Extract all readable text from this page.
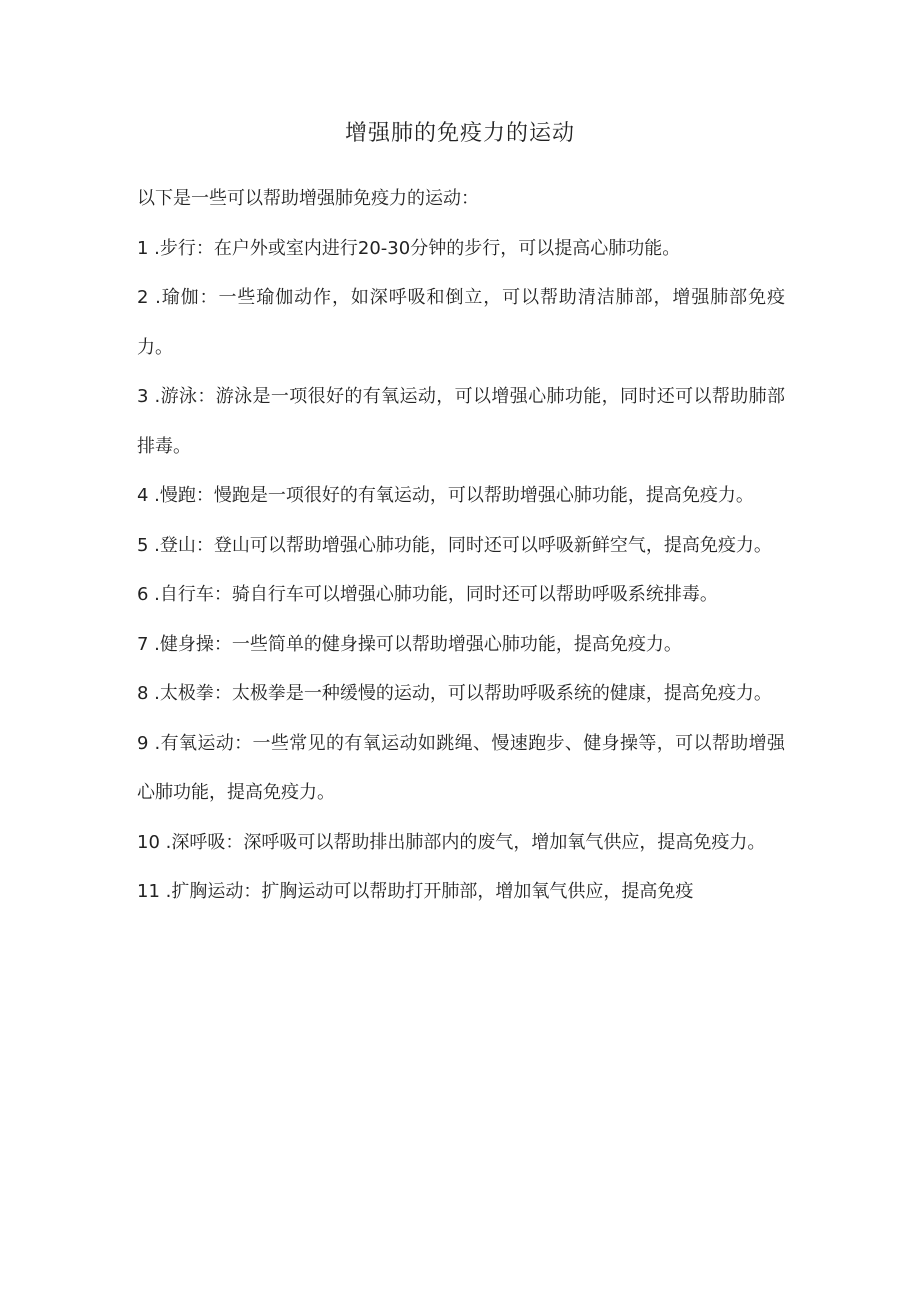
增强肺的免疫力的运动

以下是一些可以帮助增强肺免疫力的运动：

1 .步行：在户外或室内进行20-30分钟的步行，可以提高心肺功能。

2 .瑜伽：一些瑜伽动作，如深呼吸和倒立，可以帮助清洁肺部，增强肺部免疫力。

3 .游泳：游泳是一项很好的有氧运动，可以增强心肺功能，同时还可以帮助肺部排毒。

4 .慢跑：慢跑是一项很好的有氧运动，可以帮助增强心肺功能，提高免疫力。

5 .登山：登山可以帮助增强心肺功能，同时还可以呼吸新鲜空气，提高免疫力。

6 .自行车：骑自行车可以增强心肺功能，同时还可以帮助呼吸系统排毒。

7 .健身操：一些简单的健身操可以帮助增强心肺功能，提高免疫力。

8 .太极拳：太极拳是一种缓慢的运动，可以帮助呼吸系统的健康，提高免疫力。

9 .有氧运动：一些常见的有氧运动如跳绳、慢速跑步、健身操等，可以帮助增强心肺功能，提高免疫力。

10 .深呼吸：深呼吸可以帮助排出肺部内的废气，增加氧气供应，提高免疫力。

11 .扩胸运动：扩胸运动可以帮助打开肺部，增加氧气供应，提高免疫
